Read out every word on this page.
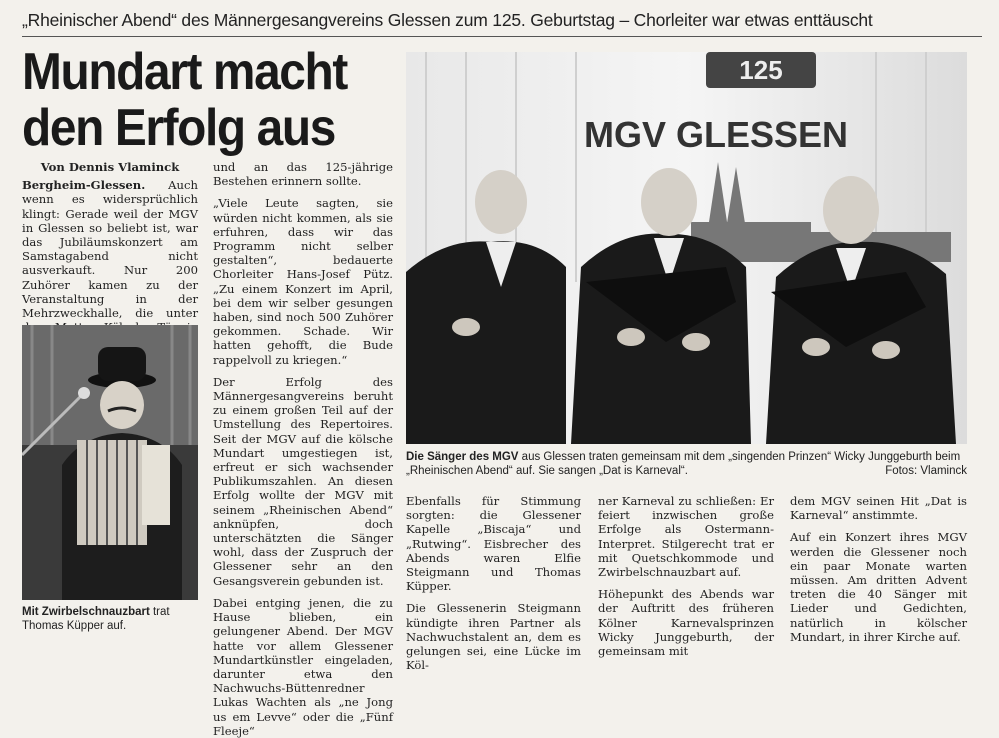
„Rheinischer Abend“ des Männergesangvereins Glessen zum 125. Geburtstag – Chorleiter war etwas enttäuscht
Mundart macht
den Erfolg aus
Von Dennis Vlaminck
Bergheim-Glessen. Auch wenn es widersprüchlich klingt: Gerade weil der MGV in Glessen so beliebt ist, war das Jubiläumskonzert am Samstagabend nicht ausverkauft. Nur 200 Zuhörer kamen zu der Veranstaltung in der Mehrzweckhalle, die unter
Mit Zwirbelschnauzbart trat Thomas Küpper auf.

und an das 125-jährige Bestehen erinnern sollte.

„Viele Leute sagten, sie würden nicht kommen, als sie erfuhren, dass wir das Programm nicht selber gestalten“, bedauerte Chorleiter Hans-Josef Pütz. „Zu einem Konzert im April, bei dem wir selber gesungen haben, sind noch 500 Zuhörer gekommen. Schade. Wir hatten gehofft, die Bude rappelvoll zu kriegen.“

Der Erfolg des Männergesangvereins beruht zu einem großen Teil auf der Umstellung des Repertoires. Seit der MGV auf die kölsche Mundart umgestiegen ist, erfreut er sich wachsender Publikumszahlen. An diesen Erfolg wollte der MGV mit seinem „Rheinischen Abend“ anknüpfen, doch unterschätzten die Sänger wohl, dass der Zuspruch der Glessener sehr an den Gesangsverein gebunden ist.

Dabei entging jenen, die zu Hause blieben, ein gelungener Abend. Der MGV hatte vor allem Glessener Mundartkünstler eingeladen, darunter etwa den Nachwuchs-Büttenredner Lukas Wachten als „ne Jong us em Levve“ oder die „Fünf Fleeje“

125
MGV GLESSEN
Die Sänger des MGV aus Glessen traten gemeinsam mit dem „singenden Prinzen“ Wicky Junggeburth beim „Rheinischen Abend“ auf. Sie sangen „Dat is Karneval“.	Fotos: Vlaminck

Ebenfalls für Stimmung sorgten: die Glessener Kapelle „Biscaja“ und „Rutwing“. Eisbrecher des Abends waren Elfie Steigmann und Thomas Küpper.

Die Glessenerin Steigmann kündigte ihren Partner als Nachwuchstalent an, dem es gelungen sei, eine Lücke im Köl-

ner Karneval zu schließen: Er feiert inzwischen große Erfolge als Ostermann-Interpret. Stilgerecht trat er mit Quetschkommode und Zwirbelschnauzbart auf.

Höhepunkt des Abends war der Auftritt des früheren Kölner Karnevalsprinzen Wicky Junggeburth, der gemeinsam mit

dem MGV seinen Hit „Dat is Karneval“ anstimmte.

Auf ein Konzert ihres MGV werden die Glessener noch ein paar Monate warten müssen. Am dritten Advent treten die 40 Sänger mit Lieder und Gedichten, natürlich in kölscher Mundart, in ihrer Kirche auf.
